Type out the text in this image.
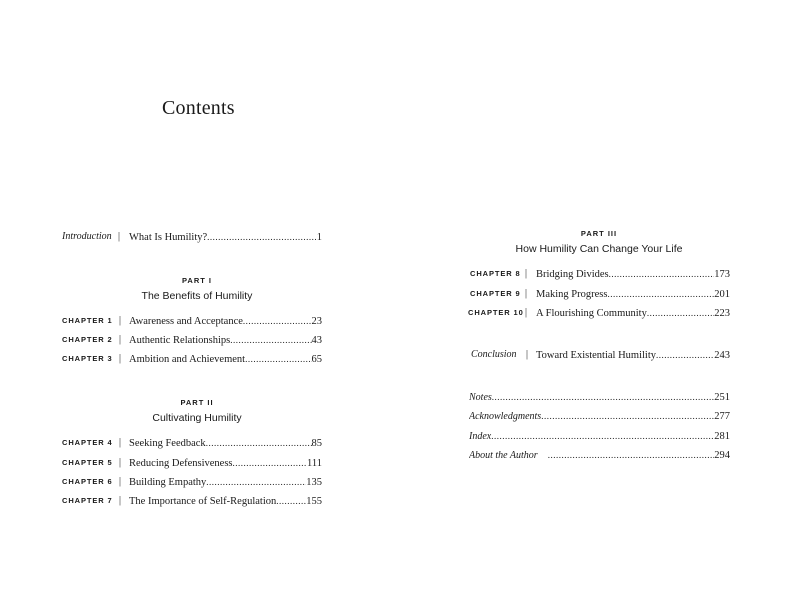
Contents
Introduction | What Is Humility? .....	1
PART I
The Benefits of Humility
CHAPTER 1 | Awareness and Acceptance .....	23
CHAPTER 2 | Authentic Relationships .....	43
CHAPTER 3 | Ambition and Achievement .....	65
PART II
Cultivating Humility
CHAPTER 4 | Seeking Feedback .....	85
CHAPTER 5 | Reducing Defensiveness .....	111
CHAPTER 6 | Building Empathy .....	135
CHAPTER 7 | The Importance of Self-Regulation .....	155
PART III
How Humility Can Change Your Life
CHAPTER 8 | Bridging Divides .....	173
CHAPTER 9 | Making Progress .....	201
CHAPTER 10 | A Flourishing Community .....	223
Conclusion | Toward Existential Humility .....	243
Notes .....	251
Acknowledgments .....	277
Index .....	281
About the Author .....	294
